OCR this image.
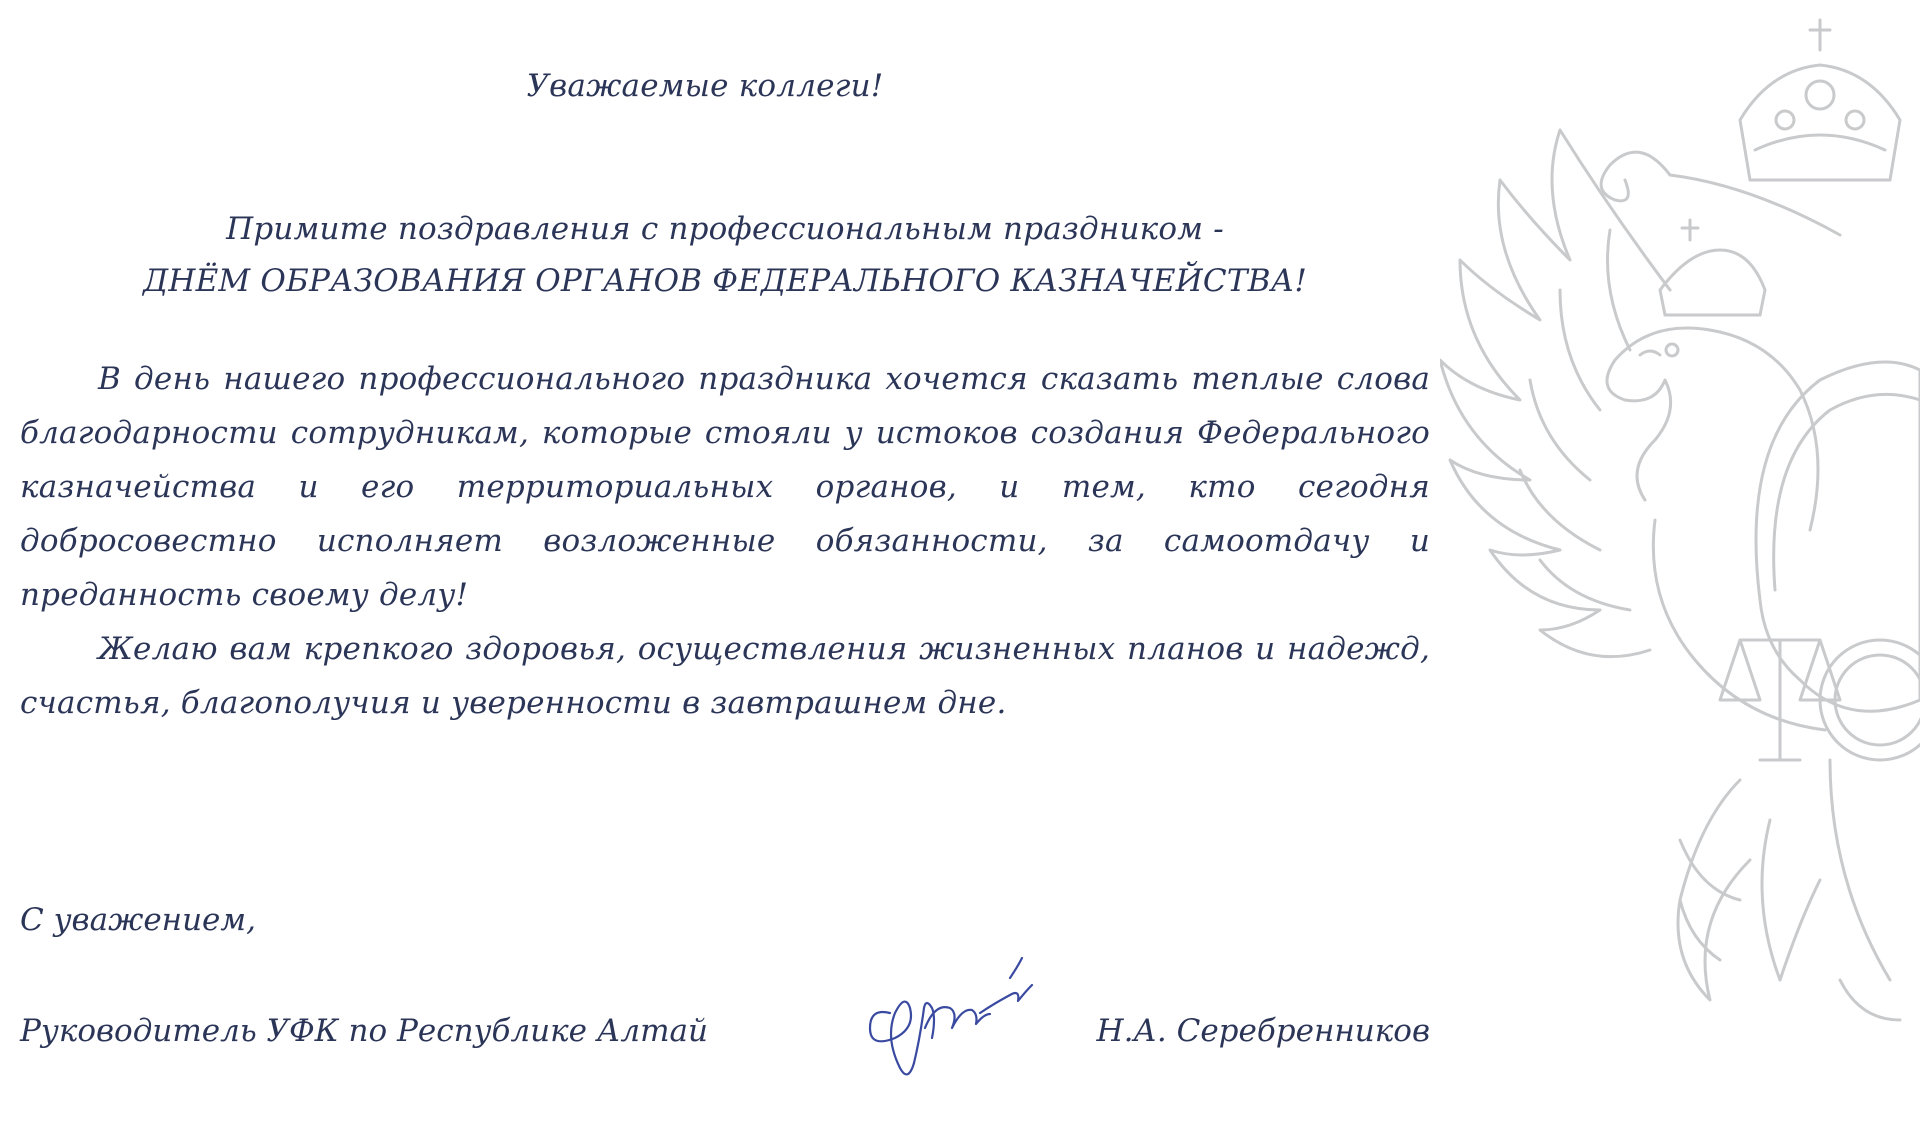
Уважаемые коллеги!
Примите поздравления с профессиональным праздником -
ДНЁМ ОБРАЗОВАНИЯ ОРГАНОВ ФЕДЕРАЛЬНОГО КАЗНАЧЕЙСТВА!

В день нашего профессионального праздника хочется сказать теплые слова благодарности сотрудникам, которые стояли у истоков создания Федерального казначейства и его территориальных органов, и тем, кто сегодня добросовестно исполняет возложенные обязанности, за самоотдачу и преданность своему делу!

Желаю вам крепкого здоровья, осуществления жизненных планов и надежд, счастья, благополучия и уверенности в завтрашнем дне.

С уважением,
Руководитель УФК по Республике Алтай	Н.А. Серебренников
